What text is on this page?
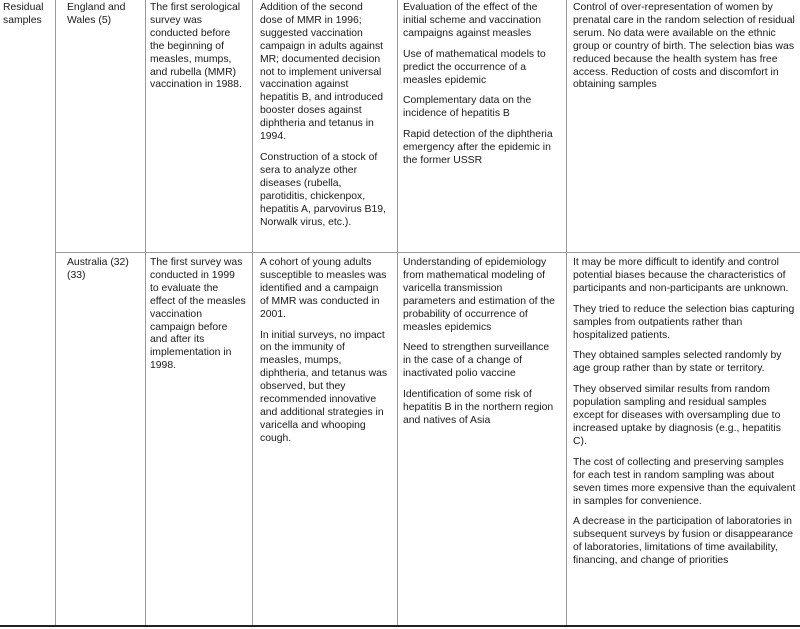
Residual samples
England and Wales (5)
The first serological survey was conducted before the beginning of measles, mumps, and rubella (MMR) vaccination in 1988.

Addition of the second dose of MMR in 1996; suggested vaccination campaign in adults against MR; documented decision not to implement universal vaccination against hepatitis B, and introduced booster doses against diphtheria and tetanus in 1994.

Construction of a stock of sera to analyze other diseases (rubella, parotiditis, chickenpox, hepatitis A, parvovirus B19, Norwalk virus, etc.).

Evaluation of the effect of the initial scheme and vaccination campaigns against measles

Use of mathematical models to predict the occurrence of a measles epidemic

Complementary data on the incidence of hepatitis B

Rapid detection of the diphtheria emergency after the epidemic in the former USSR

Control of over-representation of women by prenatal care in the random selection of residual serum. No data were available on the ethnic group or country of birth. The selection bias was reduced because the health system has free access. Reduction of costs and discomfort in obtaining samples

Australia (32) (33)
The first survey was conducted in 1999 to evaluate the effect of the measles vaccination campaign before and after its implementation in 1998.

A cohort of young adults susceptible to measles was identified and a campaign of MMR was conducted in 2001.

In initial surveys, no impact on the immunity of measles, mumps, diphtheria, and tetanus was observed, but they recommended innovative and additional strategies in varicella and whooping cough.

Understanding of epidemiology from mathematical modeling of varicella transmission parameters and estimation of the probability of occurrence of measles epidemics

Need to strengthen surveillance in the case of a change of inactivated polio vaccine

Identification of some risk of hepatitis B in the northern region and natives of Asia

It may be more difficult to identify and control potential biases because the characteristics of participants and non-participants are unknown.

They tried to reduce the selection bias capturing samples from outpatients rather than hospitalized patients.

They obtained samples selected randomly by age group rather than by state or territory.

They observed similar results from random population sampling and residual samples except for diseases with oversampling due to increased uptake by diagnosis (e.g., hepatitis C).

The cost of collecting and preserving samples for each test in random sampling was about seven times more expensive than the equivalent in samples for convenience.

A decrease in the participation of laboratories in subsequent surveys by fusion or disappearance of laboratories, limitations of time availability, financing, and change of priorities
